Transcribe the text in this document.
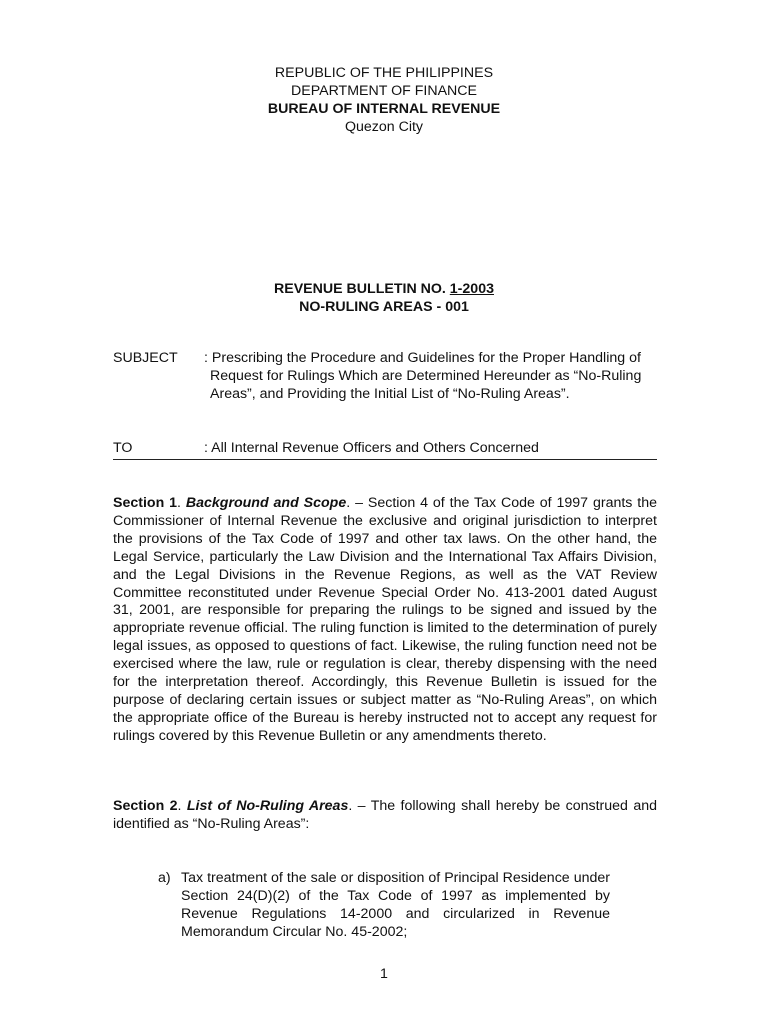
REPUBLIC OF THE PHILIPPINES
DEPARTMENT OF FINANCE
BUREAU OF INTERNAL REVENUE
Quezon City
REVENUE BULLETIN NO. 1-2003
NO-RULING AREAS - 001
SUBJECT : Prescribing the Procedure and Guidelines for the Proper Handling of Request for Rulings Which are Determined Hereunder as “No-Ruling Areas”, and Providing the Initial List of “No-Ruling Areas”.
TO	: All Internal Revenue Officers and Others Concerned
Section 1. Background and Scope. – Section 4 of the Tax Code of 1997 grants the Commissioner of Internal Revenue the exclusive and original jurisdiction to interpret the provisions of the Tax Code of 1997 and other tax laws. On the other hand, the Legal Service, particularly the Law Division and the International Tax Affairs Division, and the Legal Divisions in the Revenue Regions, as well as the VAT Review Committee reconstituted under Revenue Special Order No. 413-2001 dated August 31, 2001, are responsible for preparing the rulings to be signed and issued by the appropriate revenue official. The ruling function is limited to the determination of purely legal issues, as opposed to questions of fact. Likewise, the ruling function need not be exercised where the law, rule or regulation is clear, thereby dispensing with the need for the interpretation thereof. Accordingly, this Revenue Bulletin is issued for the purpose of declaring certain issues or subject matter as “No-Ruling Areas”, on which the appropriate office of the Bureau is hereby instructed not to accept any request for rulings covered by this Revenue Bulletin or any amendments thereto.
Section 2. List of No-Ruling Areas. – The following shall hereby be construed and identified as “No-Ruling Areas”:
a) Tax treatment of the sale or disposition of Principal Residence under Section 24(D)(2) of the Tax Code of 1997 as implemented by Revenue Regulations 14-2000 and circularized in Revenue Memorandum Circular No. 45-2002;
1
